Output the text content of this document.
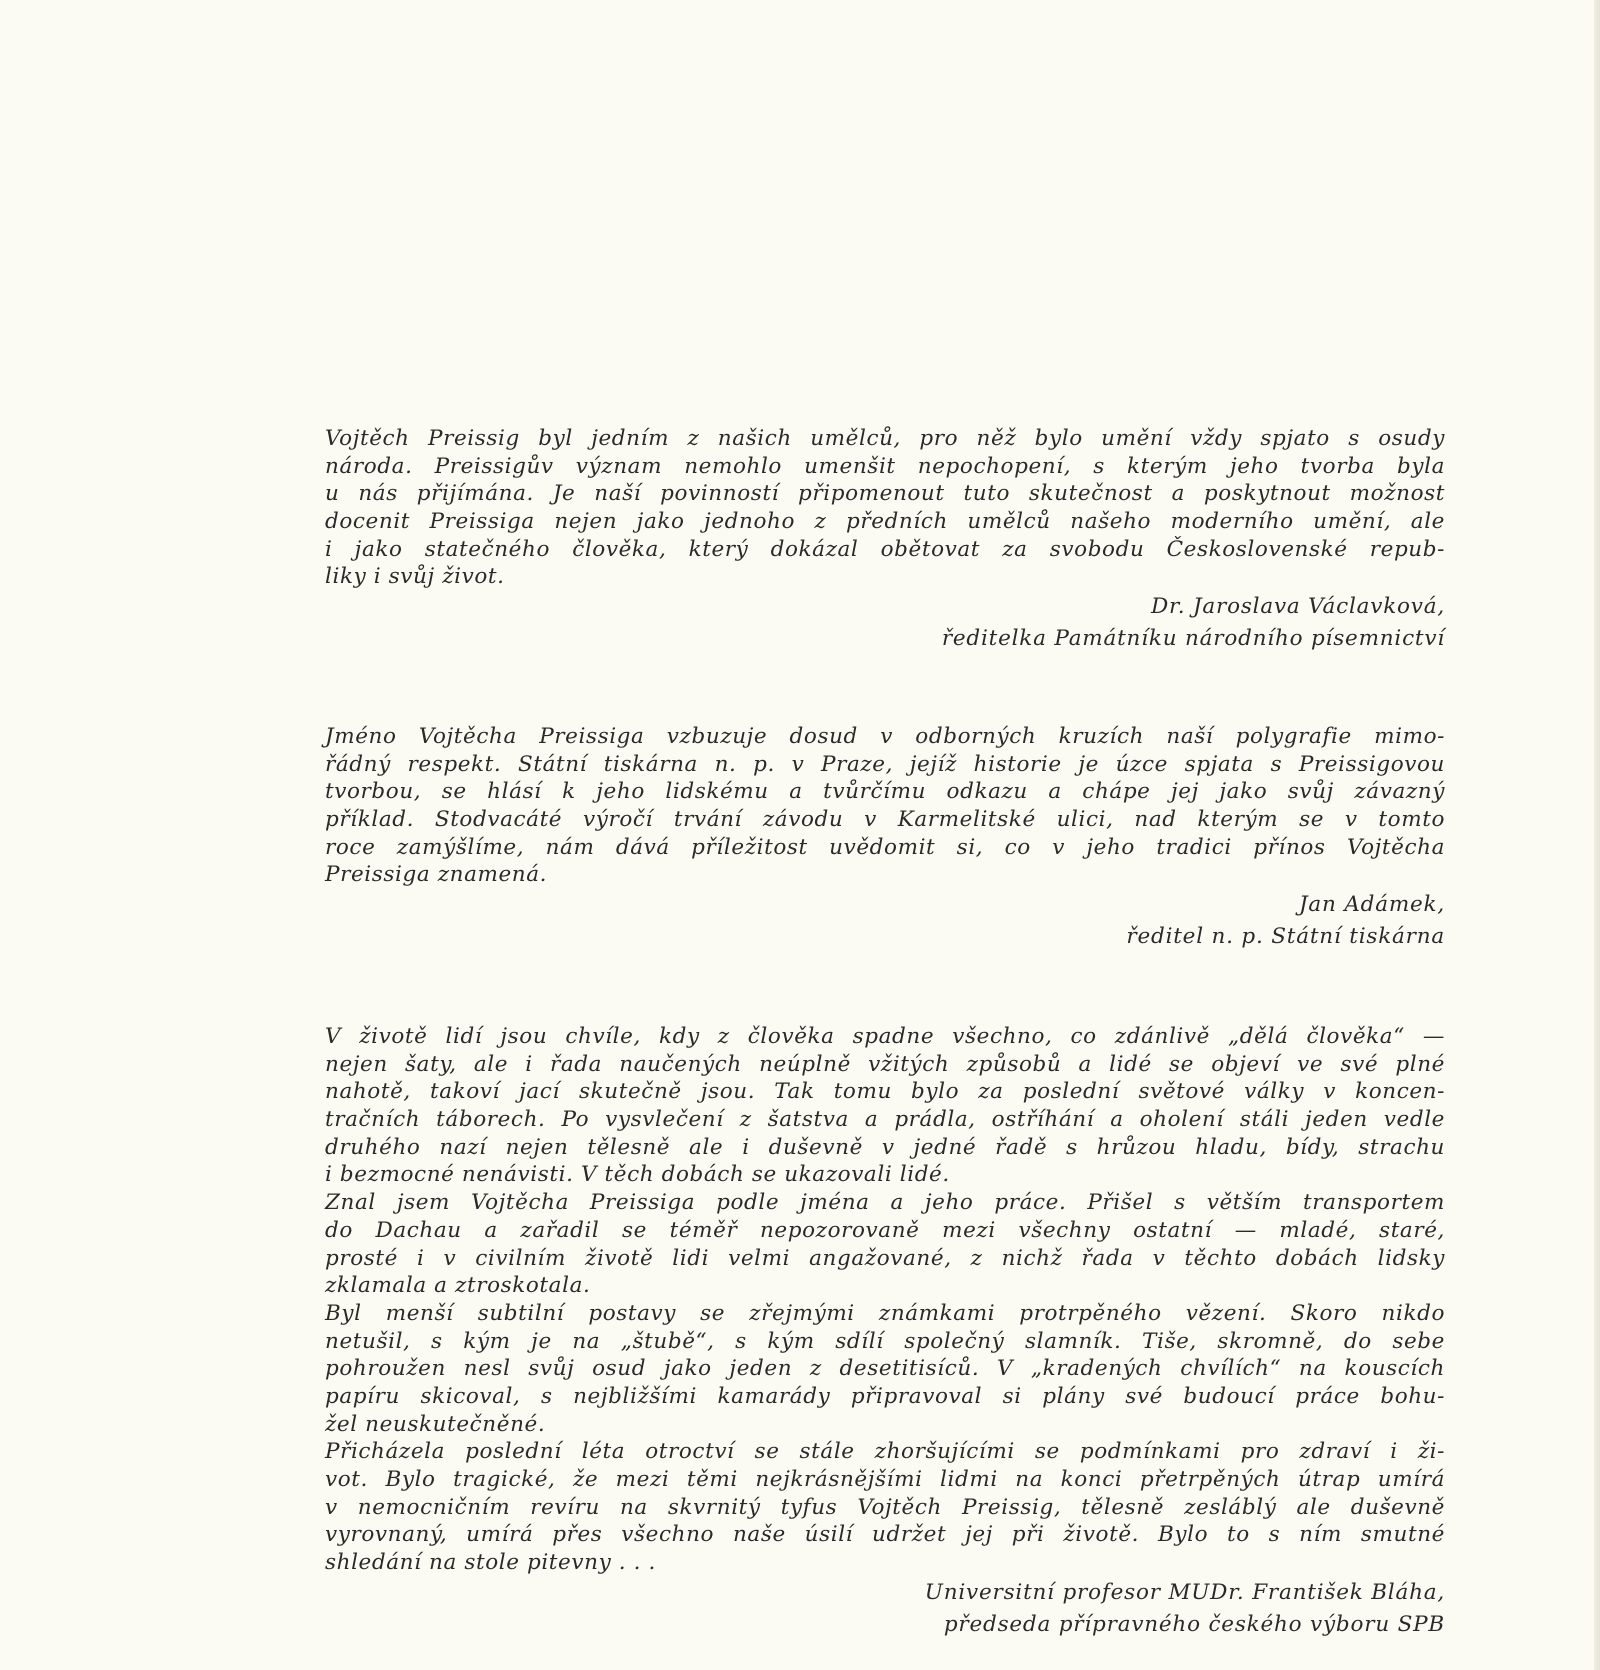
Vojtěch Preissig byl jedním z našich umělců, pro něž bylo umění vždy spjato s osudy
národa. Preissigův význam nemohlo umenšit nepochopení, s kterým jeho tvorba byla
u nás přijímána. Je naší povinností připomenout tuto skutečnost a poskytnout možnost
docenit Preissiga nejen jako jednoho z předních umělců našeho moderního umění, ale
i jako statečného člověka, který dokázal obětovat za svobodu Československé repub-
liky i svůj život.
Dr. Jaroslava Václavková,
ředitelka Památníku národního písemnictví
Jméno Vojtěcha Preissiga vzbuzuje dosud v odborných kruzích naší polygrafie mimo-
řádný respekt. Státní tiskárna n. p. v Praze, jejíž historie je úzce spjata s Preissigovou
tvorbou, se hlásí k jeho lidskému a tvůrčímu odkazu a chápe jej jako svůj závazný
příklad. Stodvacáté výročí trvání závodu v Karmelitské ulici, nad kterým se v tomto
roce zamýšlíme, nám dává příležitost uvědomit si, co v jeho tradici přínos Vojtěcha
Preissiga znamená.
Jan Adámek,
ředitel n. p. Státní tiskárna
V životě lidí jsou chvíle, kdy z člověka spadne všechno, co zdánlivě „dělá člověka“ —
nejen šaty, ale i řada naučených neúplně vžitých způsobů a lidé se objeví ve své plné
nahotě, takoví jací skutečně jsou. Tak tomu bylo za poslední světové války v koncen-
tračních táborech. Po vysvlečení z šatstva a prádla, ostříhání a oholení stáli jeden vedle
druhého nazí nejen tělesně ale i duševně v jedné řadě s hrůzou hladu, bídy, strachu
i bezmocné nenávisti. V těch dobách se ukazovali lidé.
Znal jsem Vojtěcha Preissiga podle jména a jeho práce. Přišel s větším transportem
do Dachau a zařadil se téměř nepozorovaně mezi všechny ostatní — mladé, staré,
prosté i v civilním životě lidi velmi angažované, z nichž řada v těchto dobách lidsky
zklamala a ztroskotala.
Byl menší subtilní postavy se zřejmými známkami protrpěného vězení. Skoro nikdo
netušil, s kým je na „štubě“, s kým sdílí společný slamník. Tiše, skromně, do sebe
pohroužen nesl svůj osud jako jeden z desetitisíců. V „kradených chvílích“ na kouscích
papíru skicoval, s nejbližšími kamarády připravoval si plány své budoucí práce bohu-
žel neuskutečněné.
Přicházela poslední léta otroctví se stále zhoršujícími se podmínkami pro zdraví i ži-
vot. Bylo tragické, že mezi těmi nejkrásnějšími lidmi na konci přetrpěných útrap umírá
v nemocničním revíru na skvrnitý tyfus Vojtěch Preissig, tělesně zesláblý ale duševně
vyrovnaný, umírá přes všechno naše úsilí udržet jej při životě. Bylo to s ním smutné
shledání na stole pitevny . . .
Universitní profesor MUDr. František Bláha,
předseda přípravného českého výboru SPB
